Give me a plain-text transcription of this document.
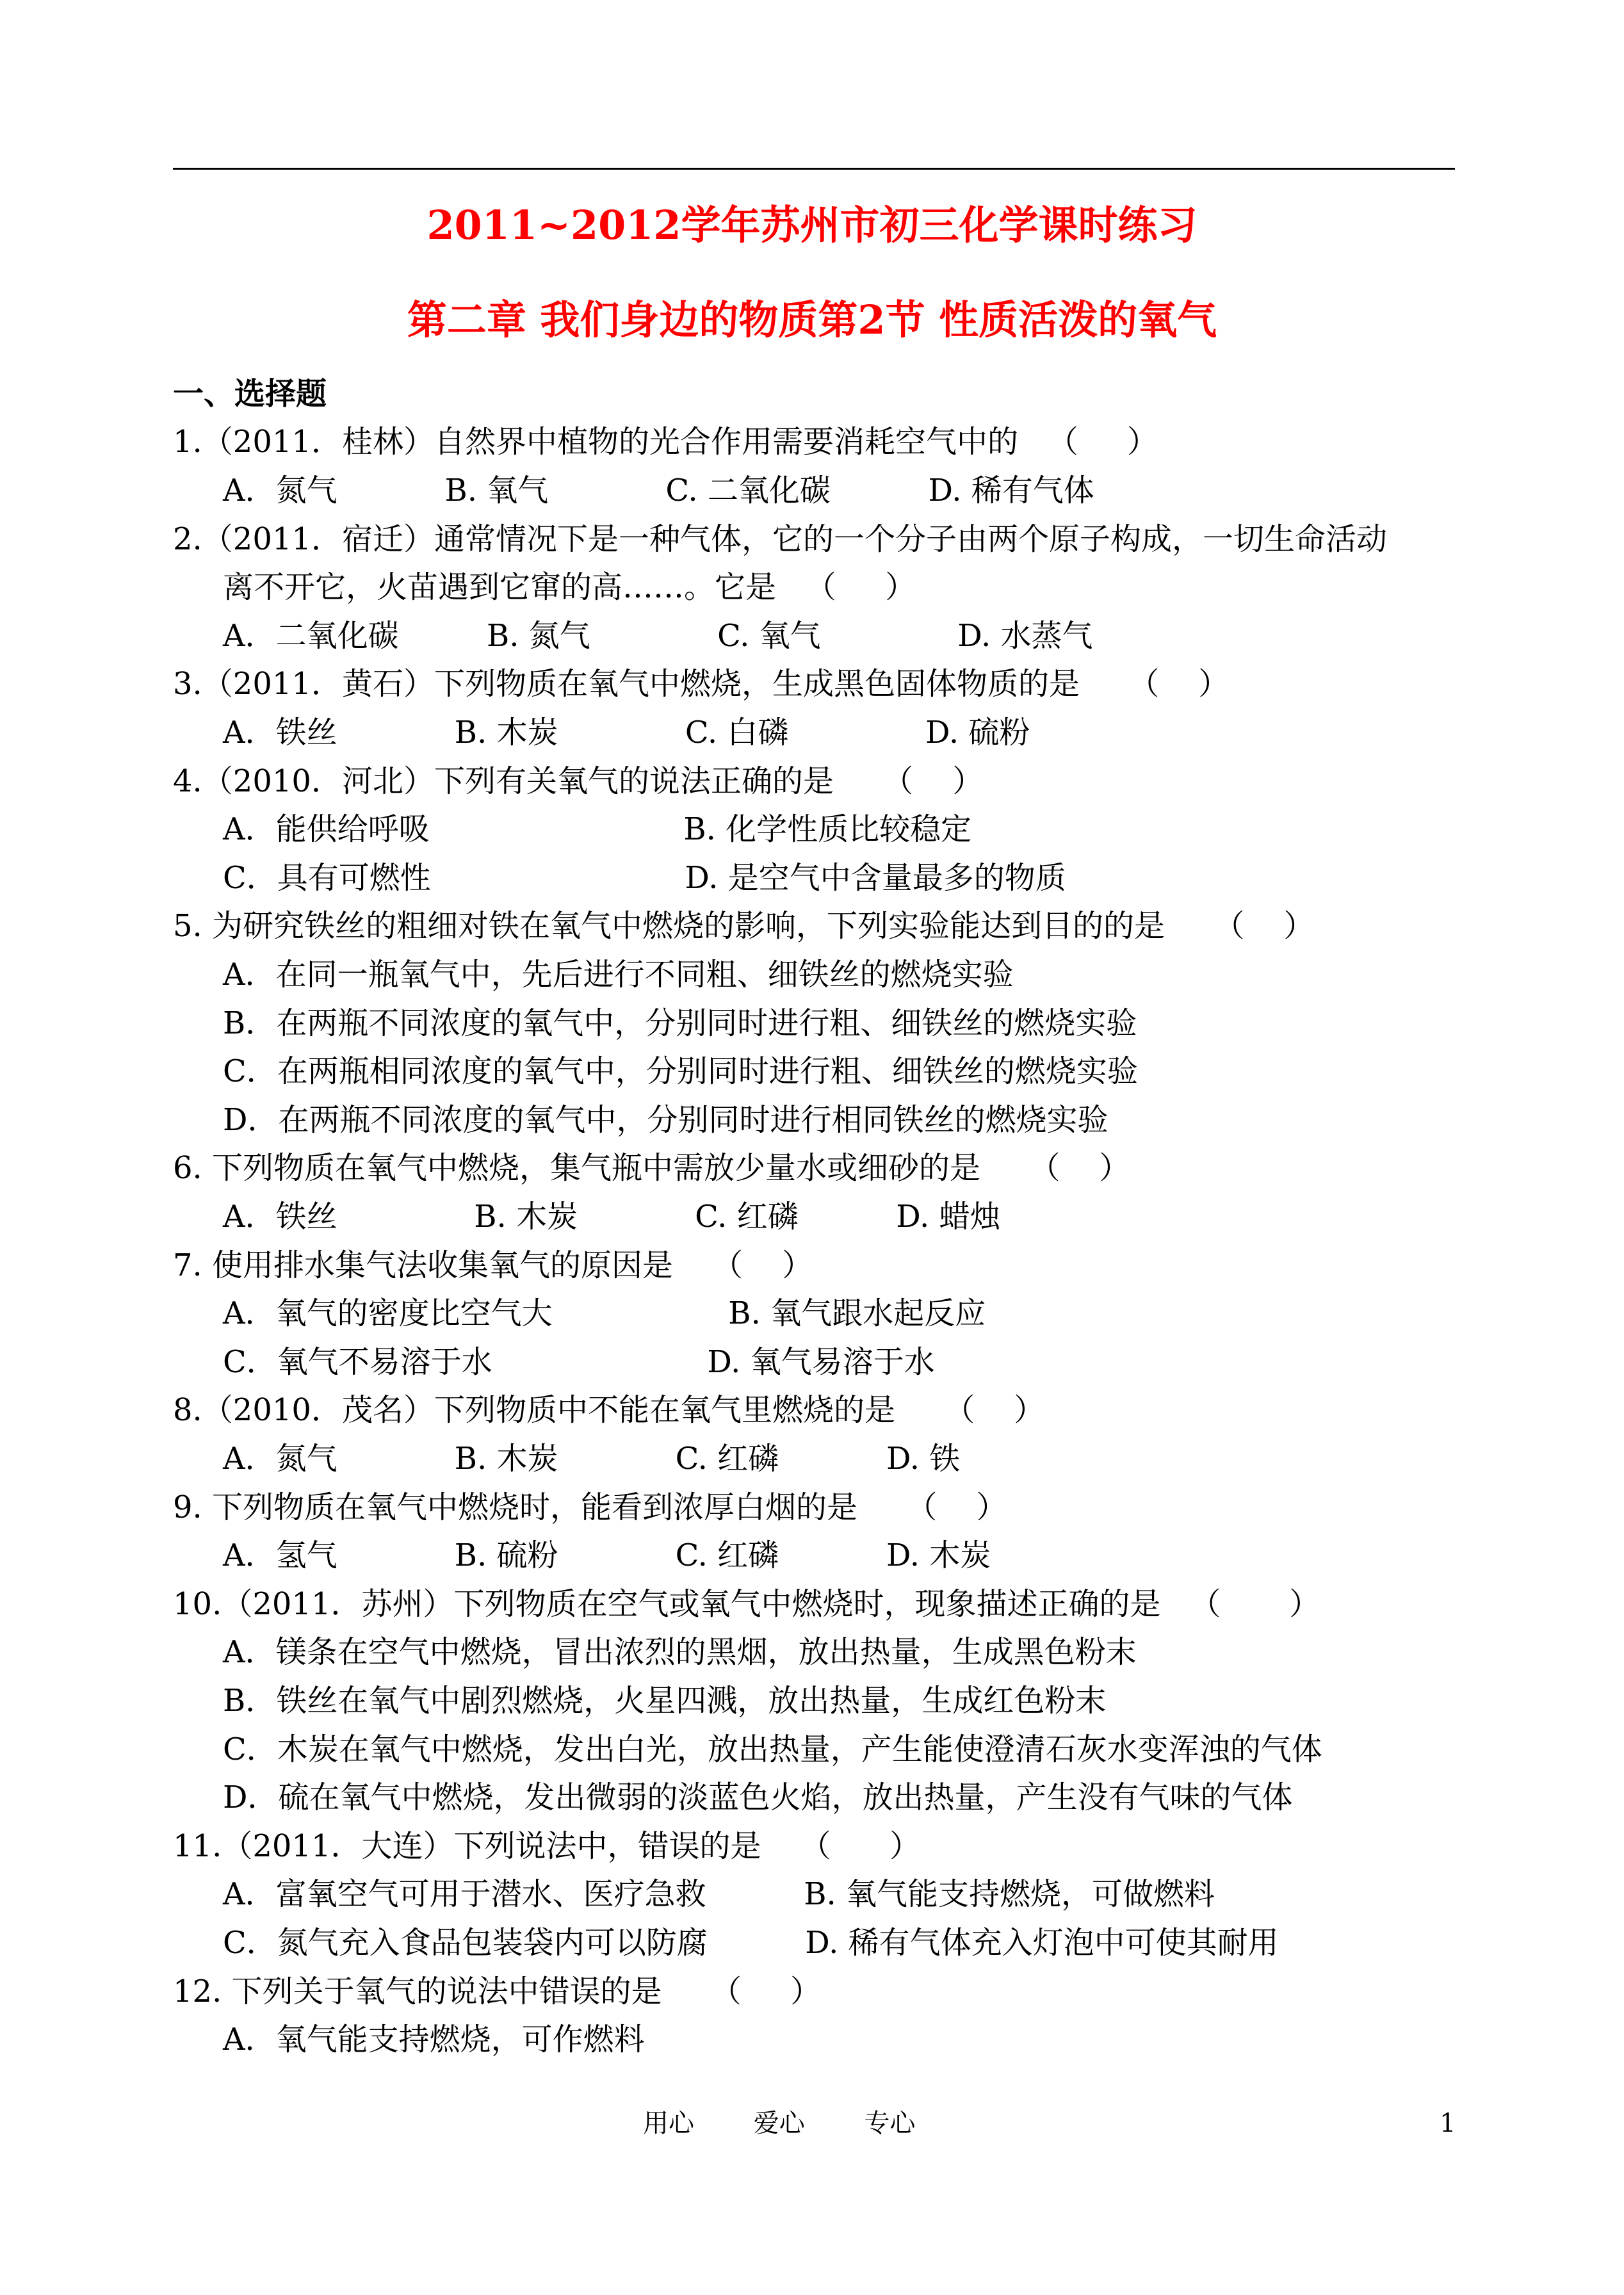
2011~2012学年苏州市初三化学课时练习
第二章 我们身边的物质第2节 性质活泼的氧气
一、选择题
1.（2011．桂林）自然界中植物的光合作用需要消耗空气中的   （     ）
A．氮气           B. 氧气            C. 二氧化碳          D. 稀有气体
2.（2011．宿迁）通常情况下是一种气体，它的一个分子由两个原子构成，一切生命活动
离不开它，火苗遇到它窜的高……。它是   （     ）
A．二氧化碳         B. 氮气             C. 氧气              D. 水蒸气
3.（2011．黄石）下列物质在氧气中燃烧，生成黑色固体物质的是     （    ）
A．铁丝            B. 木炭             C. 白磷              D. 硫粉
4.（2010．河北）下列有关氧气的说法正确的是     （    ）
A．能供给呼吸                          B. 化学性质比较稳定
C．具有可燃性                          D. 是空气中含量最多的物质
5. 为研究铁丝的粗细对铁在氧气中燃烧的影响，下列实验能达到目的的是     （    ）
A．在同一瓶氧气中，先后进行不同粗、细铁丝的燃烧实验
B．在两瓶不同浓度的氧气中，分别同时进行粗、细铁丝的燃烧实验
C．在两瓶相同浓度的氧气中，分别同时进行粗、细铁丝的燃烧实验
D．在两瓶不同浓度的氧气中，分别同时进行相同铁丝的燃烧实验
6. 下列物质在氧气中燃烧，集气瓶中需放少量水或细砂的是     （    ）
A．铁丝              B. 木炭            C. 红磷          D. 蜡烛
7. 使用排水集气法收集氧气的原因是    （    ）
A．氧气的密度比空气大                  B. 氧气跟水起反应
C．氧气不易溶于水                      D. 氧气易溶于水
8.（2010．茂名）下列物质中不能在氧气里燃烧的是     （    ）
A．氮气            B. 木炭            C. 红磷           D. 铁
9. 下列物质在氧气中燃烧时，能看到浓厚白烟的是     （    ）
A．氢气            B. 硫粉            C. 红磷           D. 木炭
10.（2011．苏州）下列物质在空气或氧气中燃烧时，现象描述正确的是   （       ）
A．镁条在空气中燃烧，冒出浓烈的黑烟，放出热量，生成黑色粉末
B．铁丝在氧气中剧烈燃烧，火星四溅，放出热量，生成红色粉末
C．木炭在氧气中燃烧，发出白光，放出热量，产生能使澄清石灰水变浑浊的气体
D．硫在氧气中燃烧，发出微弱的淡蓝色火焰，放出热量，产生没有气味的气体
11.（2011．大连）下列说法中，错误的是    （      ）
A．富氧空气可用于潜水、医疗急救          B. 氧气能支持燃烧，可做燃料
C．氮气充入食品包装袋内可以防腐          D. 稀有气体充入灯泡中可使其耐用
12. 下列关于氧气的说法中错误的是     （     ）
A．氧气能支持燃烧，可作燃料
用心 爱心 专心	1
